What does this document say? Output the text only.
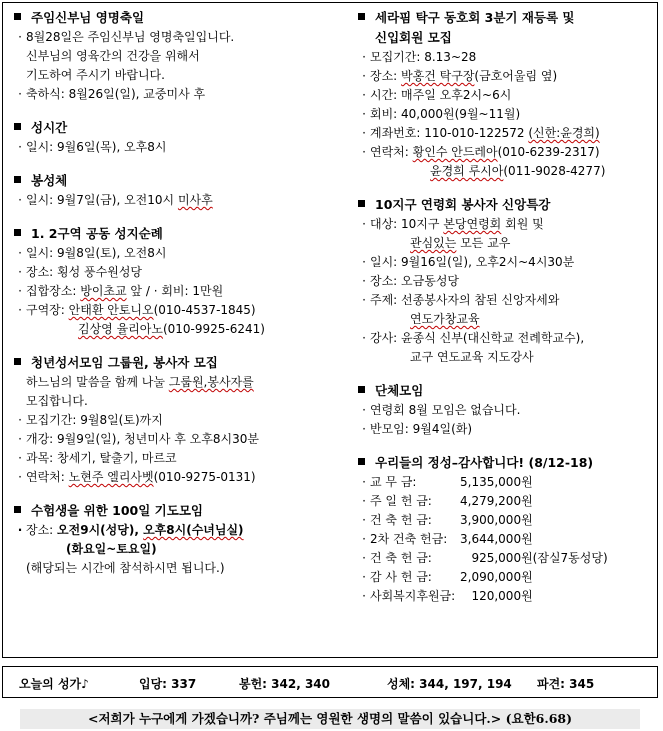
주임신부님 영명축일
· 8월28일은 주임신부님 영명축일입니다.
신부님의 영육간의 건강을 위해서
기도하여 주시기 바랍니다.
· 축하식: 8월26일(일), 교중미사 후
성시간
· 일시: 9월6일(목), 오후8시
봉성체
· 일시: 9월7일(금), 오전10시 미사후
1. 2구역 공동 성지순례
· 일시: 9월8일(토), 오전8시
· 장소: 횡성 풍수원성당
· 집합장소: 방이초교 앞 / · 회비: 1만원
· 구역장: 안태환 안토니오(010-4537-1845)
김상영 율리아노(010-9925-6241)
청년성서모임 그룹원, 봉사자 모집
하느님의 말씀을 함께 나눌 그룹원,봉사자를
모집합니다.
· 모집기간: 9월8일(토)까지
· 개강: 9월9일(일), 청년미사 후 오후8시30분
· 과목: 창세기, 탈출기, 마르코
· 연락처: 노현주 엘리사벳(010-9275-0131)
수험생을 위한 100일 기도모임
· 장소: 오전9시(성당), 오후8시(수녀님실)
(화요일~토요일)
(해당되는 시간에 참석하시면 됩니다.)
세라핌 탁구 동호회 3분기 재등록 및
신입회원 모집
· 모집기간: 8.13~28
· 장소: 박홍건 탁구장(금호어울림 옆)
· 시간: 매주일 오후2시~6시
· 회비: 40,000원(9월~11월)
· 계좌번호: 110-010-122572 (신한:윤경희)
· 연락처: 황인수 안드레아(010-6239-2317)
윤경희 루시아(011-9028-4277)
10지구 연령회 봉사자 신앙특강
· 대상: 10지구 본당연령회 회원 및
관심있는 모든 교우
· 일시: 9월16일(일), 오후2시~4시30분
· 장소: 오금동성당
· 주제: 선종봉사자의 참된 신앙자세와
연도가창교육
· 강사: 윤종식 신부(대신학교 전례학교수),
교구 연도교육 지도강사
단체모임
· 연령회 8월 모임은 없습니다.
· 반모임: 9월4일(화)
우리들의 정성–감사합니다! (8/12-18)
· 교 무 금:	5,135,000원	
· 주 일 헌 금:	4,279,200원	
· 건 축 헌 금:	3,900,000원	
· 2차 건축 헌금:	3,644,000원	
· 건 축 헌 금:	925,000원	(잠실7동성당)
· 감 사 헌 금:	2,090,000원	
· 사회복지후원금:	120,000원	
오늘의 성가♪	입당: 337	봉헌: 342, 340	성체: 344, 197, 194 파견: 345
<저희가 누구에게 가겠습니까? 주님께는 영원한 생명의 말씀이 있습니다.> (요한6.68)
